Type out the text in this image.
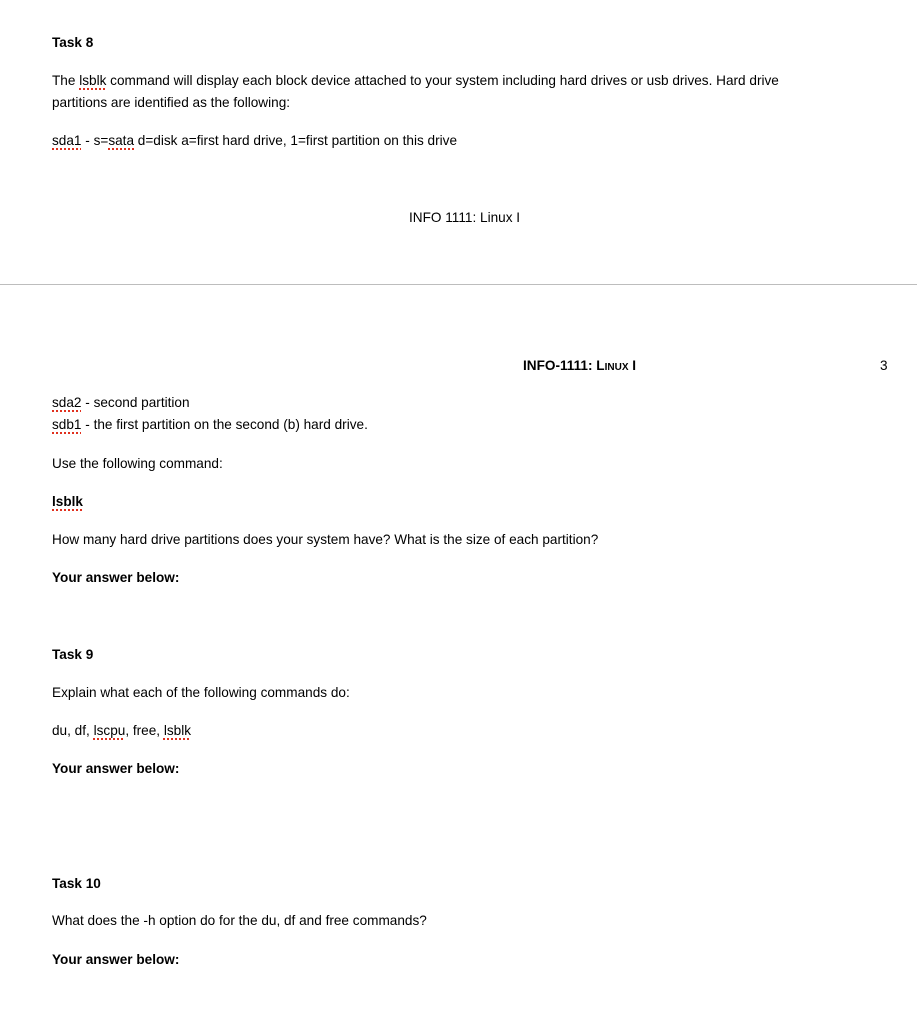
Task 8
The lsblk command will display each block device attached to your system including hard drives or usb drives. Hard drive
partitions are identified as the following:
sda1 - s=sata d=disk a=first hard drive, 1=first partition on this drive
INFO 1111: Linux I
INFO-1111: Linux I	3
sda2 - second partition
sdb1 - the first partition on the second (b) hard drive.
Use the following command:
lsblk
How many hard drive partitions does your system have? What is the size of each partition?
Your answer below:
Task 9
Explain what each of the following commands do:
du, df, lscpu, free, lsblk
Your answer below:
Task 10
What does the -h option do for the du, df and free commands?
Your answer below:
